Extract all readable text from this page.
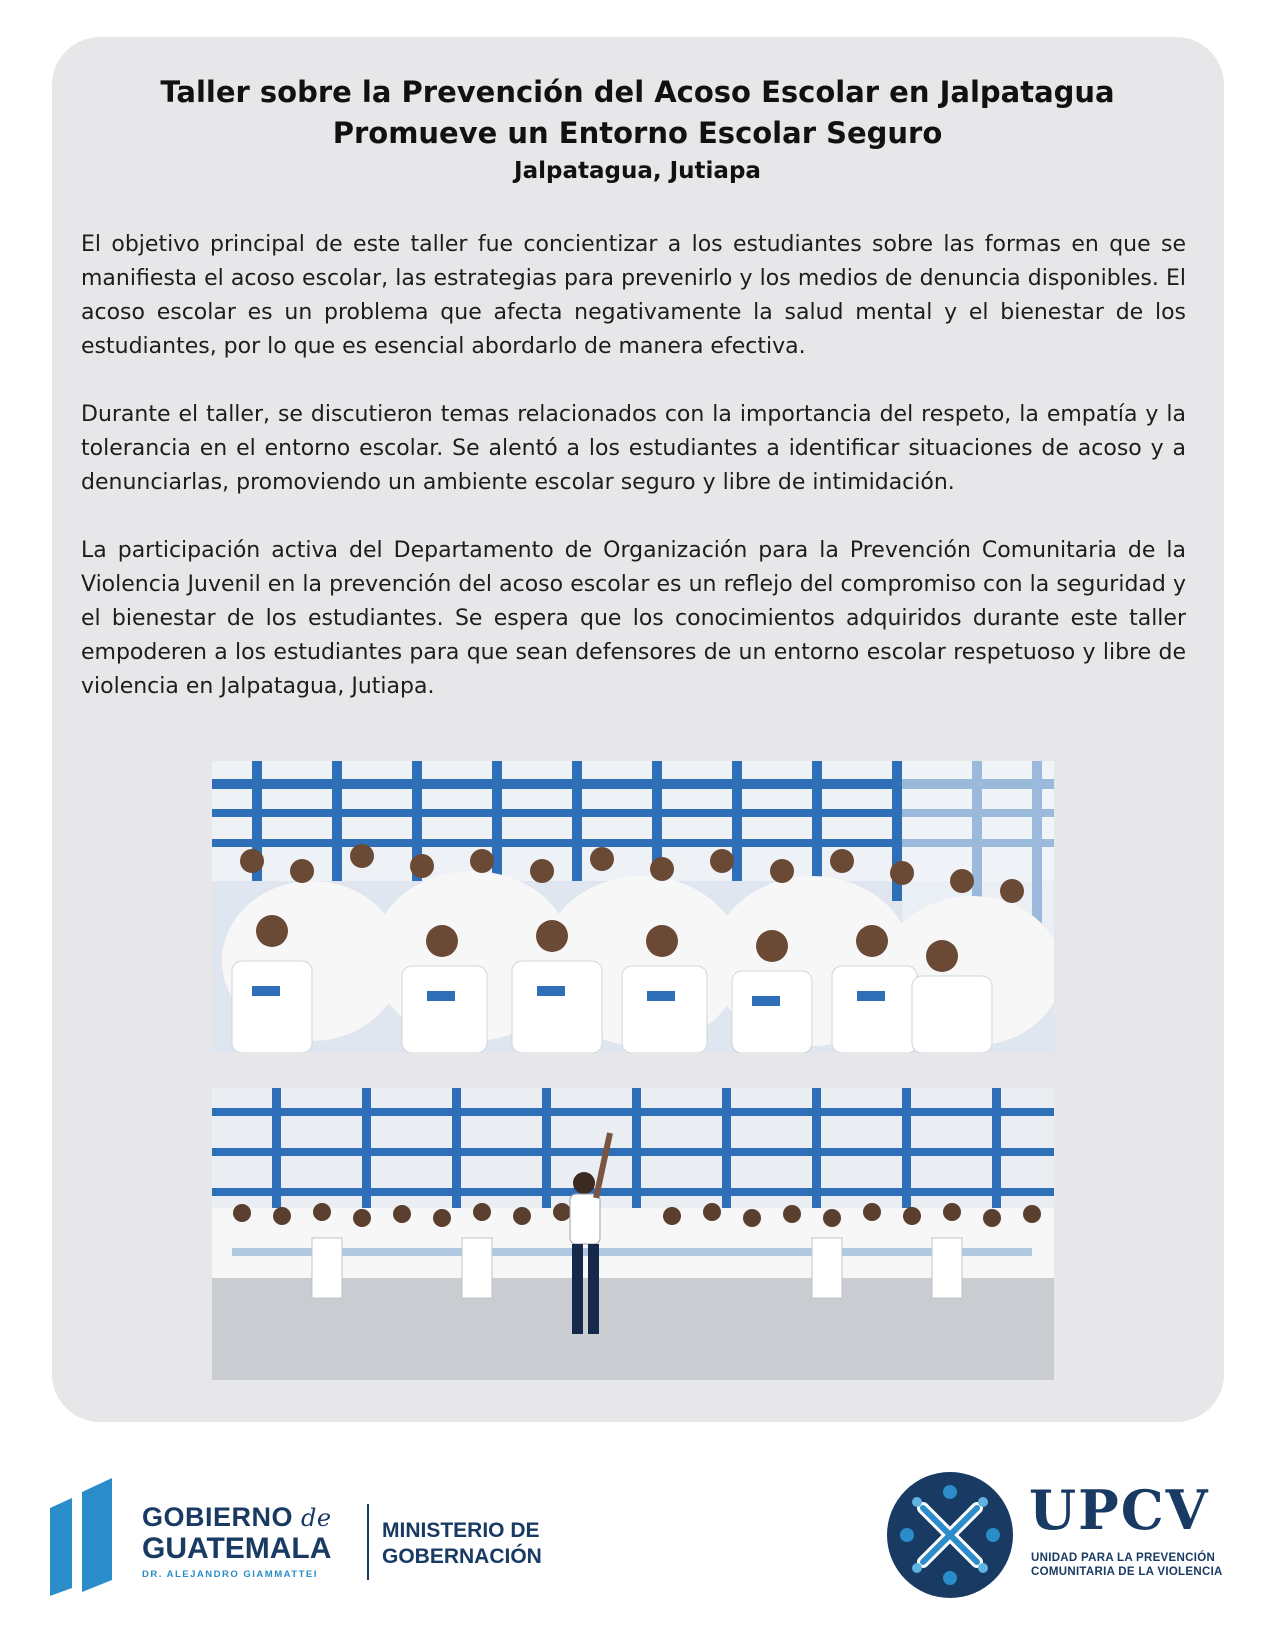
Taller sobre la Prevención del Acoso Escolar en Jalpatagua
Promueve un Entorno Escolar Seguro
Jalpatagua, Jutiapa

El objetivo principal de este taller fue concientizar a los estudiantes sobre las formas en que se manifiesta el acoso escolar, las estrategias para prevenirlo y los medios de denuncia disponibles. El acoso escolar es un problema que afecta negativamente la salud mental y el bienestar de los estudiantes, por lo que es esencial abordarlo de manera efectiva.

Durante el taller, se discutieron temas relacionados con la importancia del respeto, la empatía y la tolerancia en el entorno escolar. Se alentó a los estudiantes a identificar situaciones de acoso y a denunciarlas, promoviendo un ambiente escolar seguro y libre de intimidación.

La participación activa del Departamento de Organización para la Prevención Comunitaria de la Violencia Juvenil en la prevención del acoso escolar es un reflejo del compromiso con la seguridad y el bienestar de los estudiantes. Se espera que los conocimientos adquiridos durante este taller empoderen a los estudiantes para que sean defensores de un entorno escolar respetuoso y libre de violencia en Jalpatagua, Jutiapa.

GOBIERNO de
GUATEMALA
DR. ALEJANDRO GIAMMATTEI
MINISTERIO DE
GOBERNACIÓN
UPCV
UNIDAD PARA LA PREVENCIÓN
COMUNITARIA DE LA VIOLENCIA
